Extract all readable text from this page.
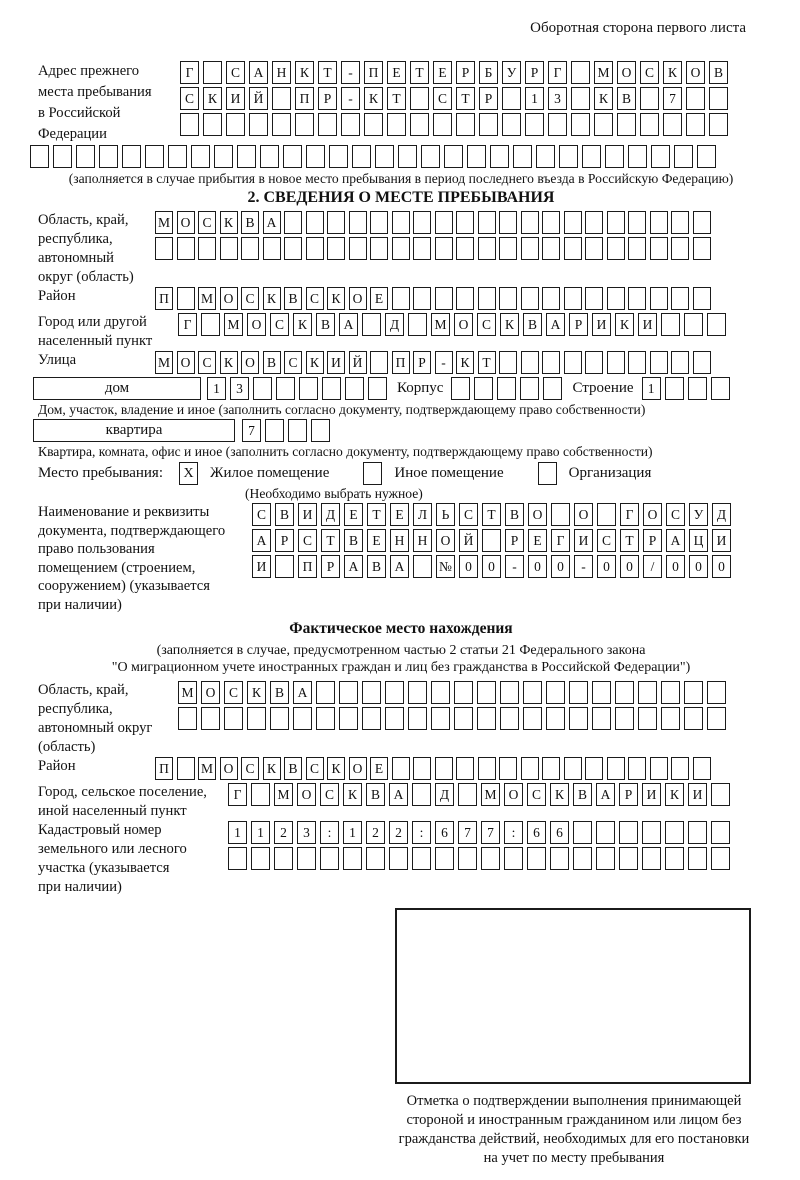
Оборотная сторона первого листа
Адрес прежнего
места пребывания
в Российской
Федерации
Г	С	А Н	К	Т	-	П	Е	Т	Е	Р	Б	У	Р	Г	М О	С	К	О	В
С	К	И Й	П	Р	-	К	Т	С	Т	Р	1	3	К	В	7
(заполняется в случае прибытия в новое место пребывания в период последнего въезда в Российскую Федерацию)
2. СВЕДЕНИЯ О МЕСТЕ ПРЕБЫВАНИЯ
Область, край,
республика,
автономный
округ (область)
М О С К В А
Район	П	М О С К В С К О Е
Город или другой
населенный пункт
Г	М О	С	К	В	А	Д	М О	С	К	В	А	Р	И	К	И
Улица	М О С К О В С К И Й	П Р	-	К Т
дом	1	3	Корпус	Строение	1
Дом, участок, владение и иное (заполнить согласно документу, подтверждающему право собственности)
квартира	7
Квартира, комната, офис и иное (заполнить согласно документу, подтверждающему право собственности)
Место пребывания:	X Жилое помещение	Иное помещение	Организация
(Необходимо выбрать нужное)
Наименование и реквизиты
документа, подтверждающего
право пользования
помещением (строением,
сооружением) (указывается
при наличии)
С	В	И	Д	Е	Т	Е	Л	Ь	С	Т	В	О	О	Г	О	С	У	Д
А	Р	С	Т	В	Е	Н Н О Й	Р	Е	Г	И	С	Т	Р	А Ц И
И	П	Р	А	В	А	№ 0	0	-	0	0	-	0	0	/	0	0	0
Фактическое место нахождения
(заполняется в случае, предусмотренном частью 2 статьи 21 Федерального закона
"О миграционном учете иностранных граждан и лиц без гражданства в Российской Федерации")
Область, край,
республика,
автономный округ
(область)
М О	С	К	В	А
Район	П	М О С К В С К О Е
Город, сельское поселение,
иной населенный пункт
Г	М О	С	К	В	А	Д	М О	С	К	В	А	Р	И	К	И
Кадастровый номер
земельного или лесного
участка (указывается
при наличии)
1	1	2	3	:	1	2	2	:	6	7	7	:	6	6
Отметка о подтверждении выполнения принимающей
стороной и иностранным гражданином или лицом без
гражданства действий, необходимых для его постановки
на учет по месту пребывания
